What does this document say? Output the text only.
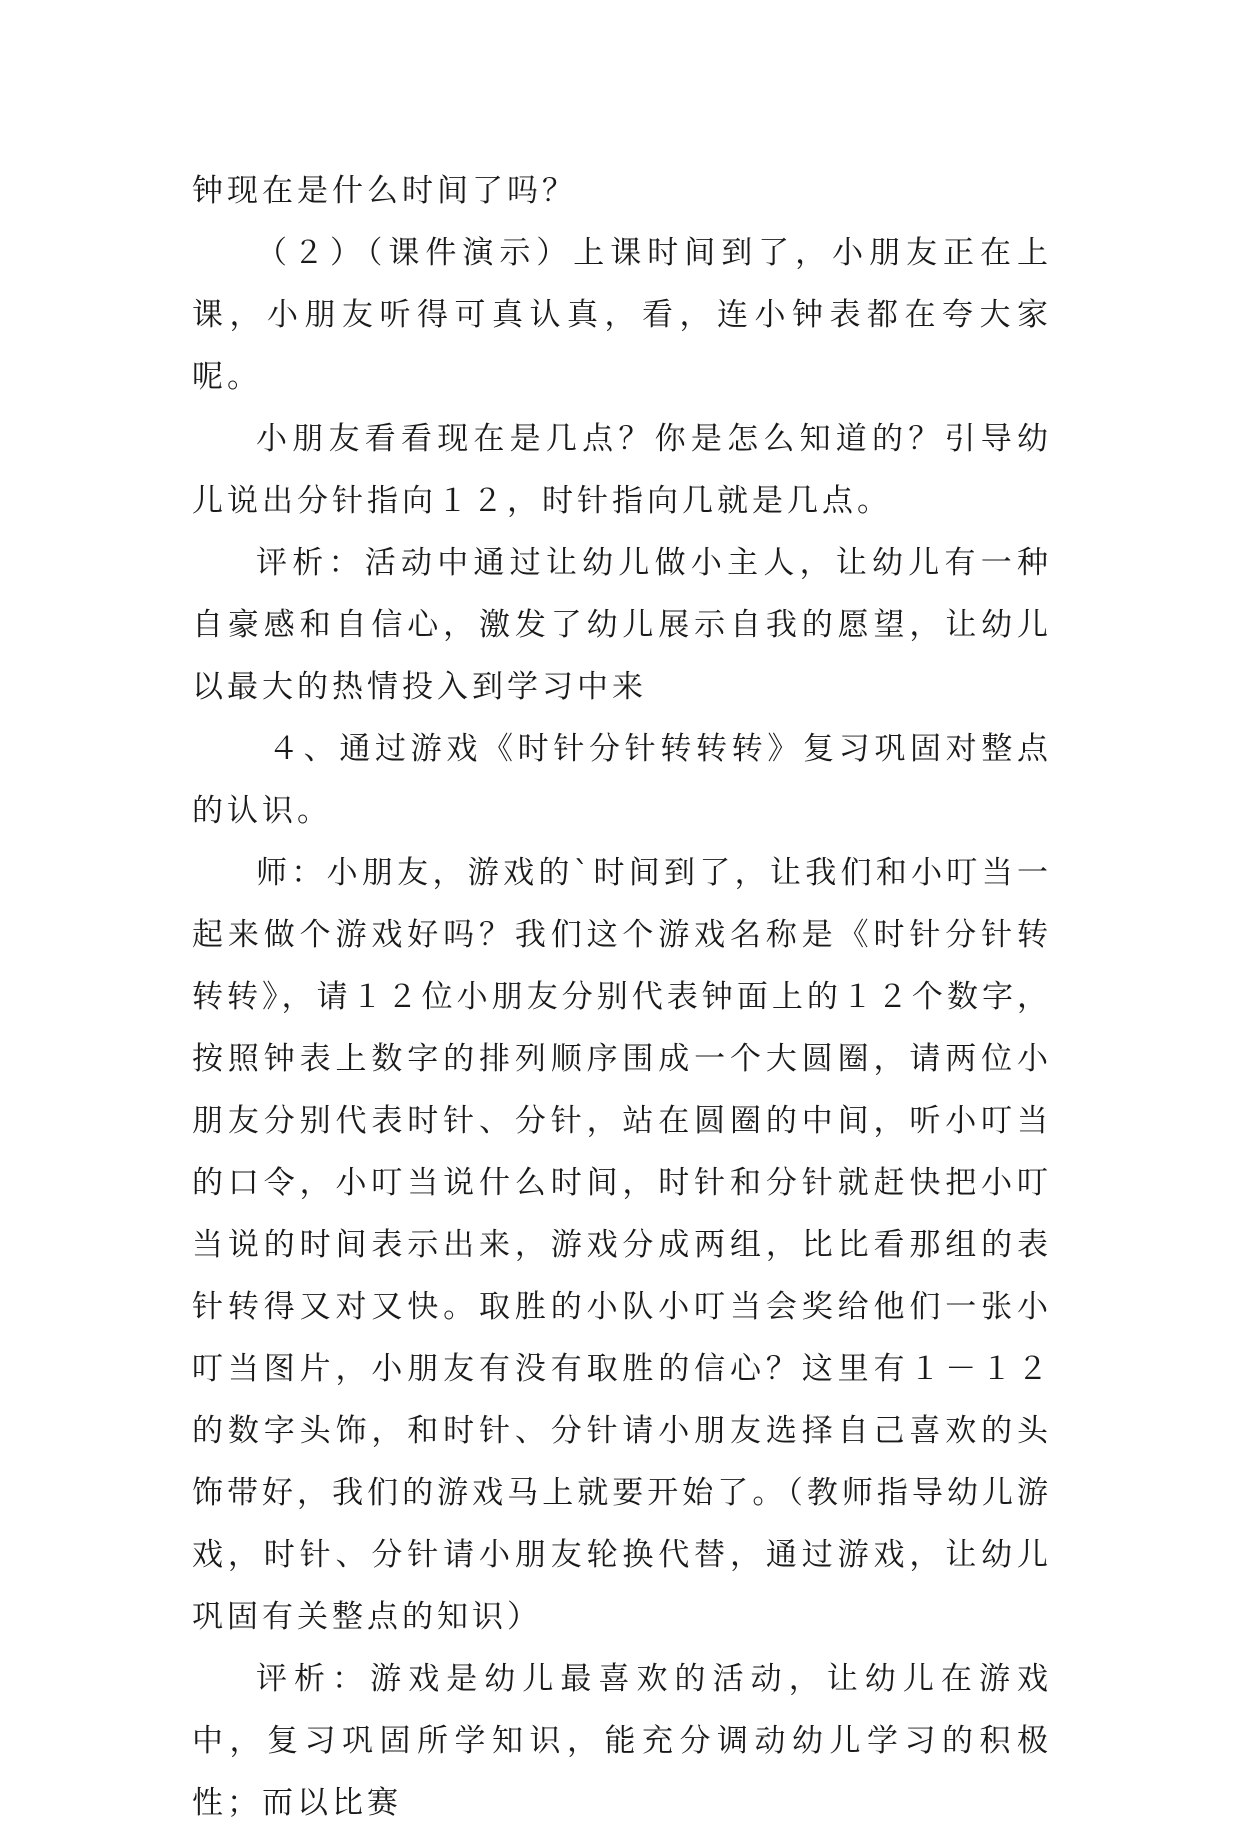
钟现在是什么时间了吗？

（２）（课件演示）上课时间到了，小朋友正在上课，小朋友听得可真认真，看，连小钟表都在夸大家呢。

小朋友看看现在是几点？你是怎么知道的？引导幼儿说出分针指向１２，时针指向几就是几点。

评析：活动中通过让幼儿做小主人，让幼儿有一种自豪感和自信心，激发了幼儿展示自我的愿望，让幼儿以最大的热情投入到学习中来

４、通过游戏《时针分针转转转》复习巩固对整点的认识。

师：小朋友，游戏的`时间到了，让我们和小叮当一起来做个游戏好吗？我们这个游戏名称是《时针分针转转转》，请１２位小朋友分别代表钟面上的１２个数字，按照钟表上数字的排列顺序围成一个大圆圈，请两位小朋友分别代表时针、分针，站在圆圈的中间，听小叮当的口令，小叮当说什么时间，时针和分针就赶快把小叮当说的时间表示出来，游戏分成两组，比比看那组的表针转得又对又快。取胜的小队小叮当会奖给他们一张小叮当图片，小朋友有没有取胜的信心？这里有１－１２的数字头饰，和时针、分针请小朋友选择自己喜欢的头饰带好，我们的游戏马上就要开始了。（教师指导幼儿游戏，时针、分针请小朋友轮换代替，通过游戏，让幼儿巩固有关整点的知识）

评析：游戏是幼儿最喜欢的活动，让幼儿在游戏中，复习巩固所学知识，能充分调动幼儿学习的积极性；而以比赛
